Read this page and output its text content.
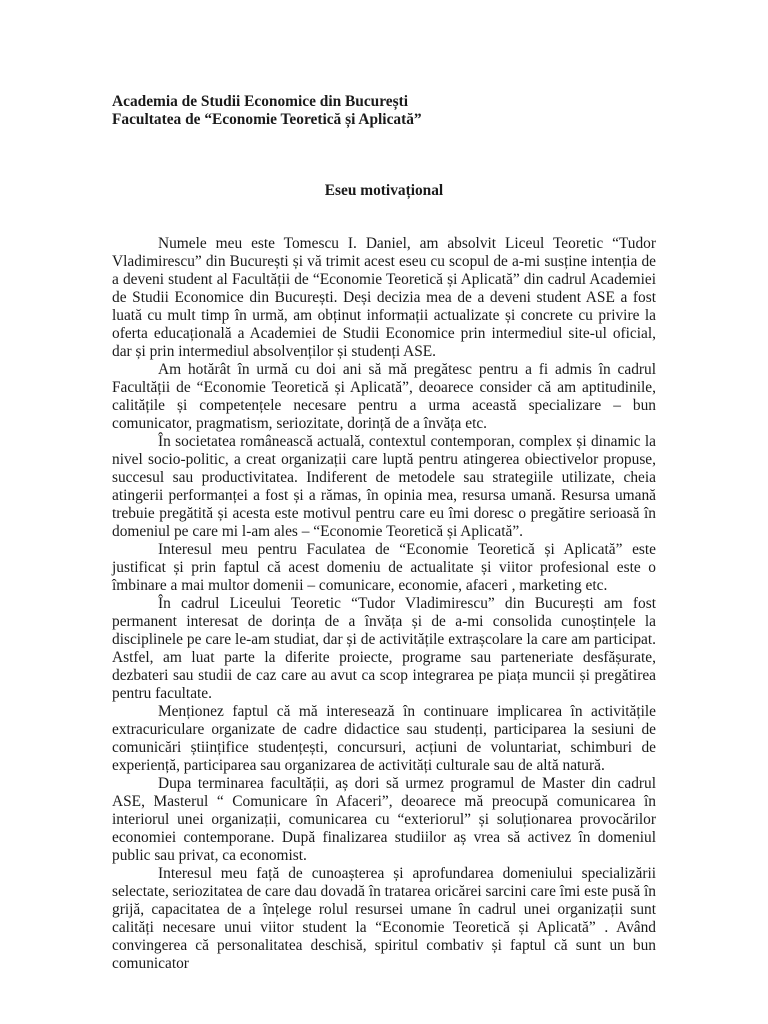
Academia de Studii Economice din București

Facultatea de “Economie Teoretică și Aplicată”

Eseu motivațional

Numele meu este Tomescu I. Daniel, am absolvit Liceul Teoretic “Tudor Vladimirescu” din București și vă trimit acest eseu cu scopul de a-mi susține intenția de a deveni student al Facultății de “Economie Teoretică și Aplicată” din cadrul Academiei de Studii Economice din București. Deși decizia mea de a deveni student ASE a fost luată cu mult timp în urmă, am obținut informații actualizate și concrete cu privire la oferta educațională a Academiei de Studii Economice prin intermediul site-ul oficial, dar și prin intermediul absolvenților și studenți ASE.

Am hotărât în urmă cu doi ani să mă pregătesc pentru a fi admis în cadrul Facultății de “Economie Teoretică și Aplicată”, deoarece consider că am aptitudinile, calitățile și competențele necesare pentru a urma această specializare – bun comunicator, pragmatism, seriozitate, dorință de a învăța etc.

În societatea românească actuală, contextul contemporan, complex și dinamic la nivel socio-politic, a creat organizații care luptă pentru atingerea obiectivelor propuse, succesul sau productivitatea. Indiferent de metodele sau strategiile utilizate, cheia atingerii performanței a fost și a rămas, în opinia mea, resursa umană. Resursa umană trebuie pregătită și acesta este motivul pentru care eu îmi doresc o pregătire serioasă în domeniul pe care mi l-am ales – “Economie Teoretică și Aplicată”.

Interesul meu pentru Faculatea de “Economie Teoretică și Aplicată” este justificat și prin faptul că acest domeniu de actualitate și viitor profesional este o îmbinare a mai multor domenii – comunicare, economie, afaceri , marketing etc.

În cadrul Liceului Teoretic “Tudor Vladimirescu” din București am fost permanent interesat de dorința de a învăța și de a-mi consolida cunoștințele la disciplinele pe care le-am studiat, dar și de activitățile extrașcolare la care am participat. Astfel, am luat parte la diferite proiecte, programe sau parteneriate desfășurate, dezbateri sau studii de caz care au avut ca scop integrarea pe piața muncii și pregătirea pentru facultate.

Menționez faptul că mă interesează în continuare implicarea în activitățile extracuriculare organizate de cadre didactice sau studenți, participarea la sesiuni de comunicări științifice studențești, concursuri, acțiuni de voluntariat, schimburi de experiență, participarea sau organizarea de activități culturale sau de altă natură.

Dupa terminarea facultății, aș dori să urmez programul de Master din cadrul ASE, Masterul “ Comunicare în Afaceri”, deoarece mă preocupă comunicarea în interiorul unei organizații, comunicarea cu “exteriorul” și soluționarea provocărilor economiei contemporane. După finalizarea studiilor aș vrea să activez în domeniul public sau privat, ca economist.

Interesul meu față de cunoașterea și aprofundarea domeniului specializării selectate, seriozitatea de care dau dovadă în tratarea oricărei sarcini care îmi este pusă în grijă, capacitatea de a înțelege rolul resursei umane în cadrul unei organizații sunt calități necesare unui viitor student la “Economie Teoretică și Aplicată” . Având convingerea că personalitatea deschisă, spiritul combativ și faptul că sunt un bun comunicator
